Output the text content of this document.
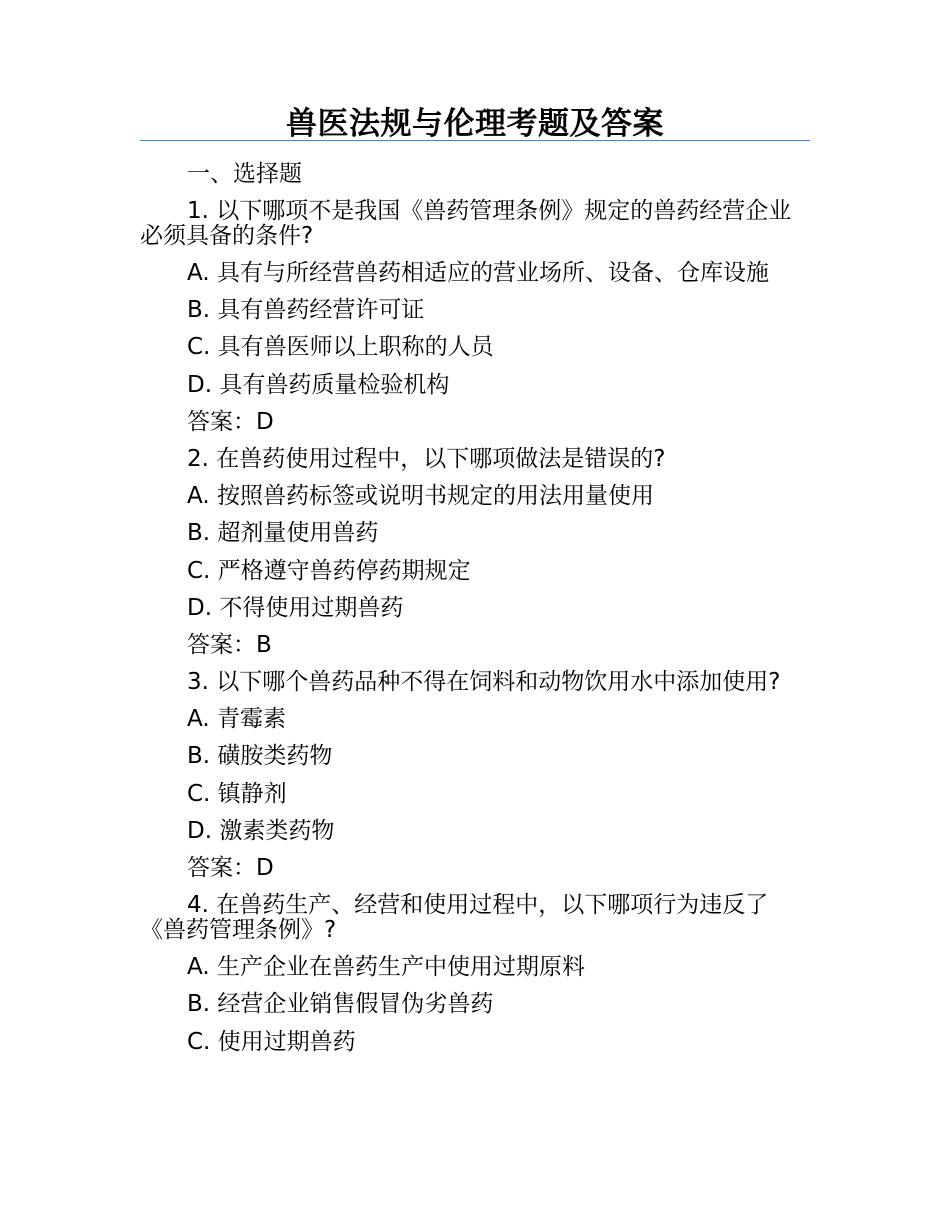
兽医法规与伦理考题及答案

一、选择题

1. 以下哪项不是我国《兽药管理条例》规定的兽药经营企业必须具备的条件?

A. 具有与所经营兽药相适应的营业场所、设备、仓库设施

B. 具有兽药经营许可证

C. 具有兽医师以上职称的人员

D. 具有兽药质量检验机构

答案：D

2. 在兽药使用过程中，以下哪项做法是错误的?

A. 按照兽药标签或说明书规定的用法用量使用

B. 超剂量使用兽药

C. 严格遵守兽药停药期规定

D. 不得使用过期兽药

答案：B

3. 以下哪个兽药品种不得在饲料和动物饮用水中添加使用?

A. 青霉素

B. 磺胺类药物

C. 镇静剂

D. 激素类药物

答案：D

4. 在兽药生产、经营和使用过程中，以下哪项行为违反了《兽药管理条例》?

A. 生产企业在兽药生产中使用过期原料

B. 经营企业销售假冒伪劣兽药

C. 使用过期兽药
